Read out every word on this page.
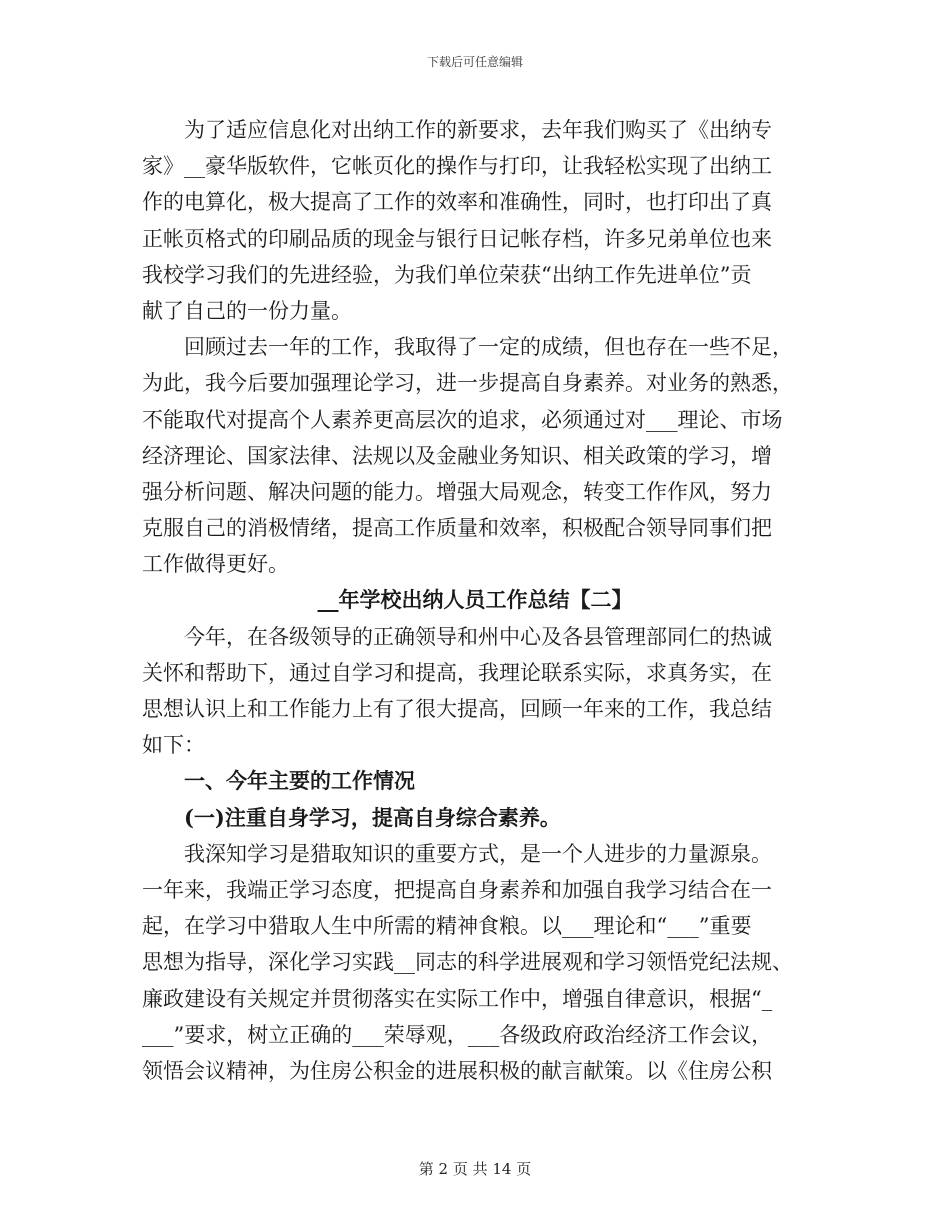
下载后可任意编辑
　　为了适应信息化对出纳工作的新要求，去年我们购买了《出纳专
家》__豪华版软件，它帐页化的操作与打印，让我轻松实现了出纳工
作的电算化，极大提高了工作的效率和准确性，同时，也打印出了真
正帐页格式的印刷品质的现金与银行日记帐存档，许多兄弟单位也来
我校学习我们的先进经验，为我们单位荣获“出纳工作先进单位”贡
献了自己的一份力量。
　　回顾过去一年的工作，我取得了一定的成绩，但也存在一些不足，
为此，我今后要加强理论学习，进一步提高自身素养。对业务的熟悉，
不能取代对提高个人素养更高层次的追求，必须通过对___理论、市场
经济理论、国家法律、法规以及金融业务知识、相关政策的学习，增
强分析问题、解决问题的能力。增强大局观念，转变工作作风，努力
克服自己的消极情绪，提高工作质量和效率，积极配合领导同事们把
工作做得更好。
__年学校出纳人员工作总结【二】
　　今年，在各级领导的正确领导和州中心及各县管理部同仁的热诚
关怀和帮助下，通过自学习和提高，我理论联系实际，求真务实，在
思想认识上和工作能力上有了很大提高，回顾一年来的工作，我总结
如下：
　　一、今年主要的工作情况
　　(一)注重自身学习，提高自身综合素养。
　　我深知学习是猎取知识的重要方式，是一个人进步的力量源泉。
一年来，我端正学习态度，把提高自身素养和加强自我学习结合在一
起，在学习中猎取人生中所需的精神食粮。以___理论和“___”重要
思想为指导，深化学习实践__同志的科学进展观和学习领悟党纪法规、
廉政建设有关规定并贯彻落实在实际工作中，增强自律意识，根据“_
___”要求，树立正确的___荣辱观，___各级政府政治经济工作会议，
领悟会议精神，为住房公积金的进展积极的献言献策。以《住房公积
第 2 页 共 14 页
